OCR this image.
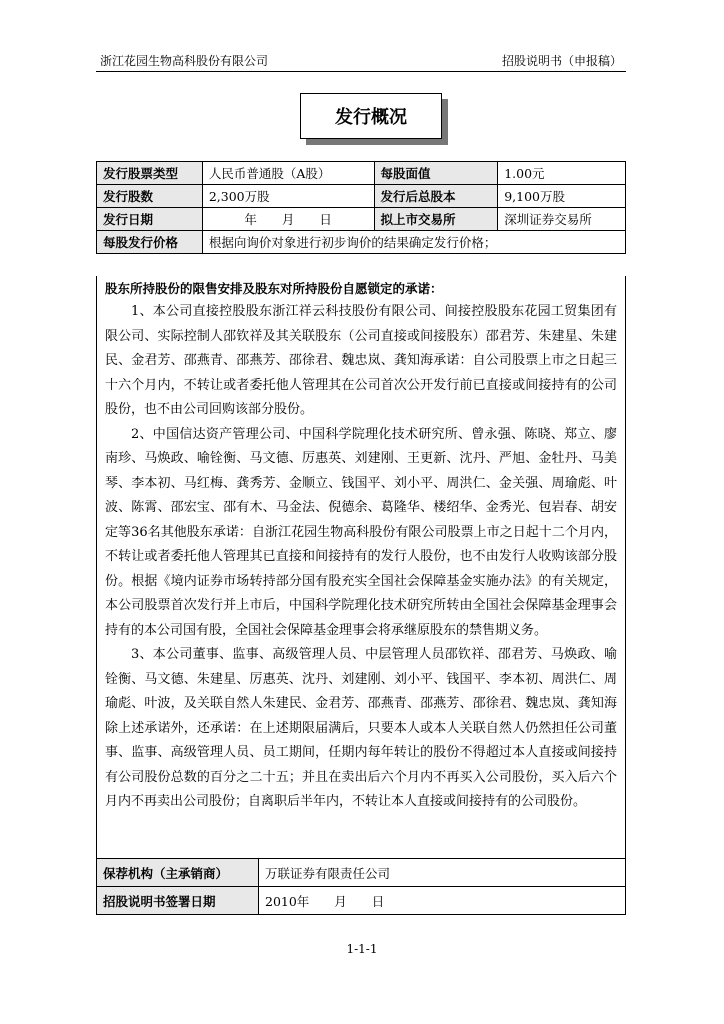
浙江花园生物高科股份有限公司	招股说明书（申报稿）
发行概况
发行股票类型	人民币普通股（A股）	每股面值	1.00元
发行股数	2,300万股	发行后总股本	9,100万股
发行日期	年　　月　　日	拟上市交易所	深圳证券交易所
每股发行价格	根据向询价对象进行初步询价的结果确定发行价格；		
股东所持股份的限售安排及股东对所持股份自愿锁定的承诺：

1、本公司直接控股股东浙江祥云科技股份有限公司、间接控股股东花园工贸集团有限公司、实际控制人邵钦祥及其关联股东（公司直接或间接股东）邵君芳、朱建星、朱建民、金君芳、邵燕青、邵燕芳、邵徐君、魏忠岚、龚知海承诺：自公司股票上市之日起三十六个月内，不转让或者委托他人管理其在公司首次公开发行前已直接或间接持有的公司股份，也不由公司回购该部分股份。

2、中国信达资产管理公司、中国科学院理化技术研究所、曾永强、陈晓、郑立、廖南珍、马焕政、喻铨衡、马文德、厉惠英、刘建刚、王更新、沈丹、严旭、金牡丹、马美琴、李本初、马红梅、龚秀芳、金顺立、钱国平、刘小平、周洪仁、金关强、周瑜彪、叶波、陈霄、邵宏宝、邵有木、马金法、倪德余、葛隆华、楼绍华、金秀光、包岩春、胡安定等36名其他股东承诺：自浙江花园生物高科股份有限公司股票上市之日起十二个月内，不转让或者委托他人管理其已直接和间接持有的发行人股份，也不由发行人收购该部分股份。根据《境内证券市场转持部分国有股充实全国社会保障基金实施办法》的有关规定，本公司股票首次发行并上市后，中国科学院理化技术研究所转由全国社会保障基金理事会持有的本公司国有股，全国社会保障基金理事会将承继原股东的禁售期义务。

3、本公司董事、监事、高级管理人员、中层管理人员邵钦祥、邵君芳、马焕政、喻铨衡、马文德、朱建星、厉惠英、沈丹、刘建刚、刘小平、钱国平、李本初、周洪仁、周瑜彪、叶波，及关联自然人朱建民、金君芳、邵燕青、邵燕芳、邵徐君、魏忠岚、龚知海除上述承诺外，还承诺：在上述期限届满后，只要本人或本人关联自然人仍然担任公司董事、监事、高级管理人员、员工期间，任期内每年转让的股份不得超过本人直接或间接持有公司股份总数的百分之二十五；并且在卖出后六个月内不再买入公司股份，买入后六个月内不再卖出公司股份；自离职后半年内，不转让本人直接或间接持有的公司股份。

保荐机构（主承销商）	万联证券有限责任公司
招股说明书签署日期	2010年　　月　　日
1-1-1
